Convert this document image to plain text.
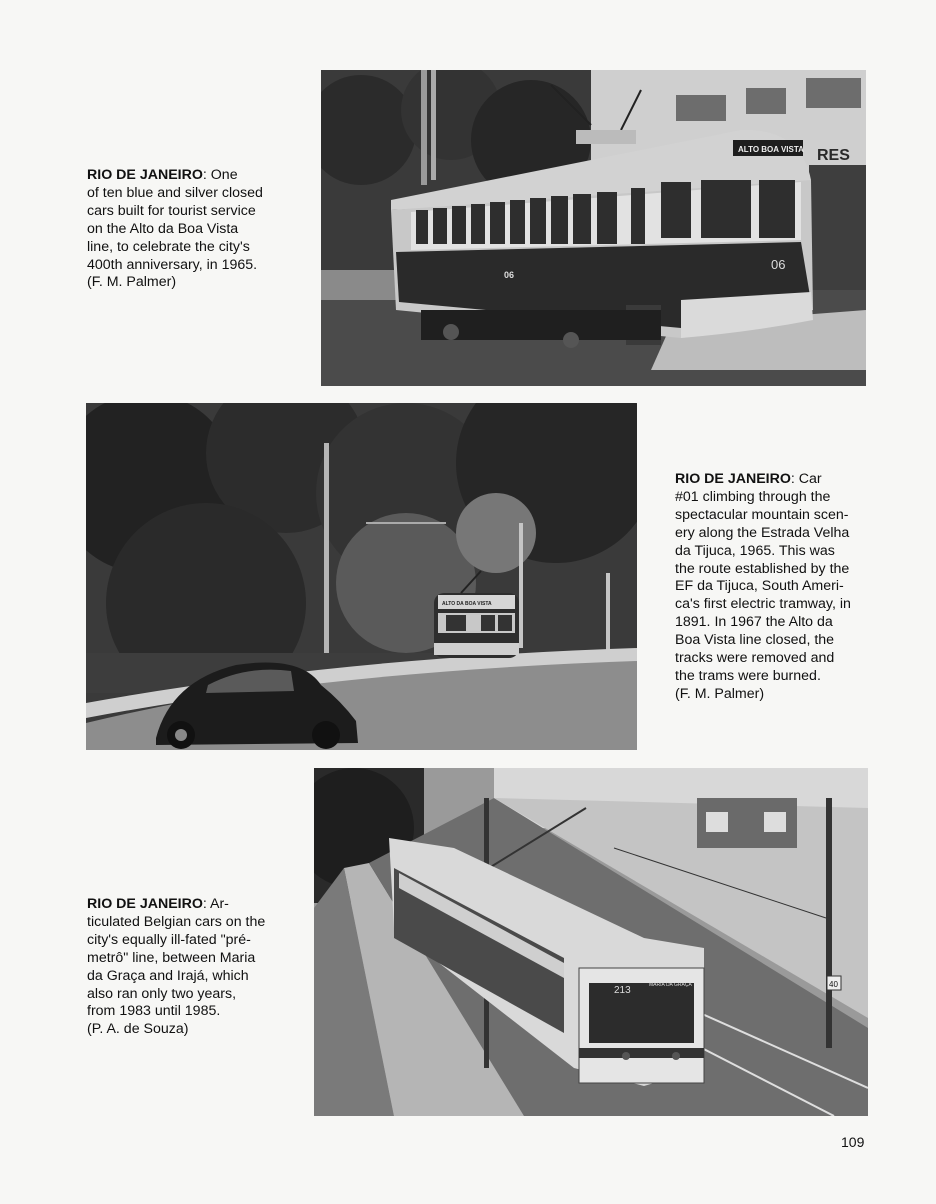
RIO DE JANEIRO: One
of ten blue and silver closed
cars built for tourist service
on the Alto da Boa Vista
line, to celebrate the city's
400th anniversary, in 1965.
(F. M. Palmer)
RES
ALTO BOA VISTA
06
06
ALTO DA BOA VISTA
RIO DE JANEIRO: Car
#01 climbing through the
spectacular mountain scen-
ery along the Estrada Velha
da Tijuca, 1965. This was
the route established by the
EF da Tijuca, South Ameri-
ca's first electric tramway, in
1891. In 1967 the Alto da
Boa Vista line closed, the
tracks were removed and
the trams were burned.
(F. M. Palmer)
40
213	MARIA DA GRAÇA
RIO DE JANEIRO: Ar-
ticulated Belgian cars on the
city's equally ill-fated "pré-
metrô" line, between Maria
da Graça and Irajá, which
also ran only two years,
from 1983 until 1985.
(P. A. de Souza)
109
